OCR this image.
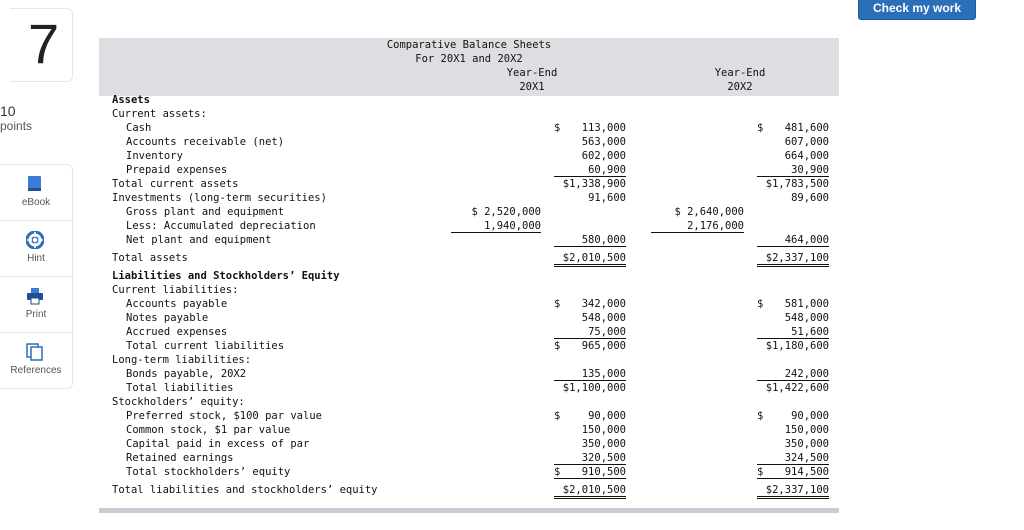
7
10
points
eBook
Hint
Print
References
Check my work
Comparative Balance Sheets
For 20X1 and 20X2
Year-End
20X1
Year-End
20X2
Assets
Current assets:
Cash	$	113,000	$	481,600
Accounts receivable (net)	563,000	607,000
Inventory	602,000	664,000
Prepaid expenses	60,900	30,900
Total current assets	$1,338,900	$1,783,500
Investments (long-term securities)	91,600	89,600
Gross plant and equipment	$ 2,520,000	$ 2,640,000
Less: Accumulated depreciation	1,940,000	2,176,000
Net plant and equipment	580,000	464,000
Total assets	$2,010,500	$2,337,100
Liabilities and Stockholders’ Equity
Current liabilities:
Accounts payable	$	342,000	$	581,000
Notes payable	548,000	548,000
Accrued expenses	75,000	51,600
Total current liabilities	$	965,000	$1,180,600
Long-term liabilities:
Bonds payable, 20X2	135,000	242,000
Total liabilities	$1,100,000	$1,422,600
Stockholders’ equity:
Preferred stock, $100 par value	$	90,000	$	90,000
Common stock, $1 par value	150,000	150,000
Capital paid in excess of par	350,000	350,000
Retained earnings	320,500	324,500
Total stockholders’ equity	$	910,500	$	914,500
Total liabilities and stockholders’ equity	$2,010,500	$2,337,100
